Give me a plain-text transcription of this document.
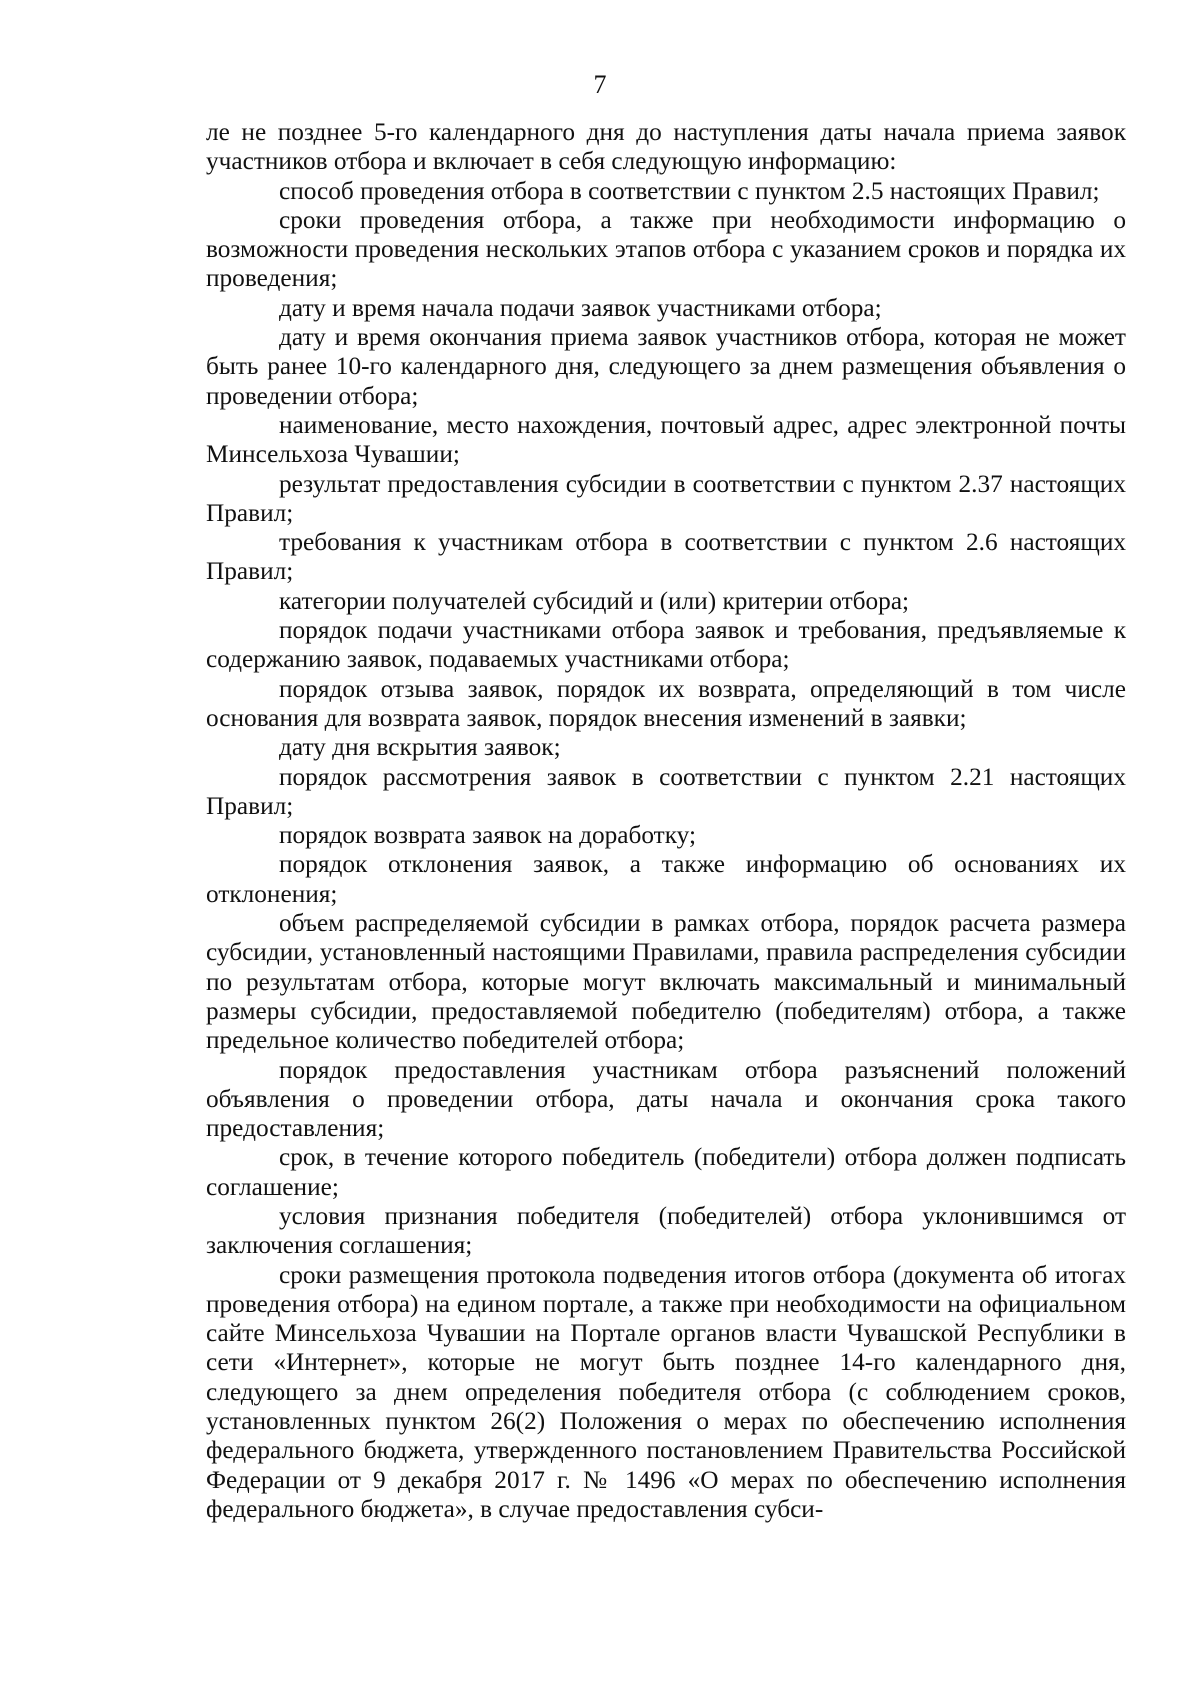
7

ле не позднее 5-го календарного дня до наступления даты начала приема заявок участников отбора и включает в себя следующую информацию:

способ проведения отбора в соответствии с пунктом 2.5 настоящих Правил;

сроки проведения отбора, а также при необходимости информацию о возможности проведения нескольких этапов отбора с указанием сроков и порядка их проведения;

дату и время начала подачи заявок участниками отбора;

дату и время окончания приема заявок участников отбора, которая не может быть ранее 10-го календарного дня, следующего за днем размещения объявления о проведении отбора;

наименование, место нахождения, почтовый адрес, адрес электронной почты Минсельхоза Чувашии;

результат предоставления субсидии в соответствии с пунктом 2.37 настоящих Правил;

требования к участникам отбора в соответствии с пунктом 2.6 настоящих Правил;

категории получателей субсидий и (или) критерии отбора;

порядок подачи участниками отбора заявок и требования, предъявляемые к содержанию заявок, подаваемых участниками отбора;

порядок отзыва заявок, порядок их возврата, определяющий в том числе основания для возврата заявок, порядок внесения изменений в заявки;

дату дня вскрытия заявок;

порядок рассмотрения заявок в соответствии с пунктом 2.21 настоящих Правил;

порядок возврата заявок на доработку;

порядок отклонения заявок, а также информацию об основаниях их отклонения;

объем распределяемой субсидии в рамках отбора, порядок расчета размера субсидии, установленный настоящими Правилами, правила распределения субсидии по результатам отбора, которые могут включать максимальный и минимальный размеры субсидии, предоставляемой победителю (победителям) отбора, а также предельное количество победителей отбора;

порядок предоставления участникам отбора разъяснений положений объявления о проведении отбора, даты начала и окончания срока такого предоставления;

срок, в течение которого победитель (победители) отбора должен подписать соглашение;

условия признания победителя (победителей) отбора уклонившимся от заключения соглашения;

сроки размещения протокола подведения итогов отбора (документа об итогах проведения отбора) на едином портале, а также при необходимости на официальном сайте Минсельхоза Чувашии на Портале органов власти Чувашской Республики в сети «Интернет», которые не могут быть позднее 14-го календарного дня, следующего за днем определения победителя отбора (с соблюдением сроков, установленных пунктом 26(2) Положения о мерах по обеспечению исполнения федерального бюджета, утвержденного постановлением Правительства Российской Федерации от 9 декабря 2017 г. № 1496 «О мерах по обеспечению исполнения федерального бюджета», в случае предоставления субси-
